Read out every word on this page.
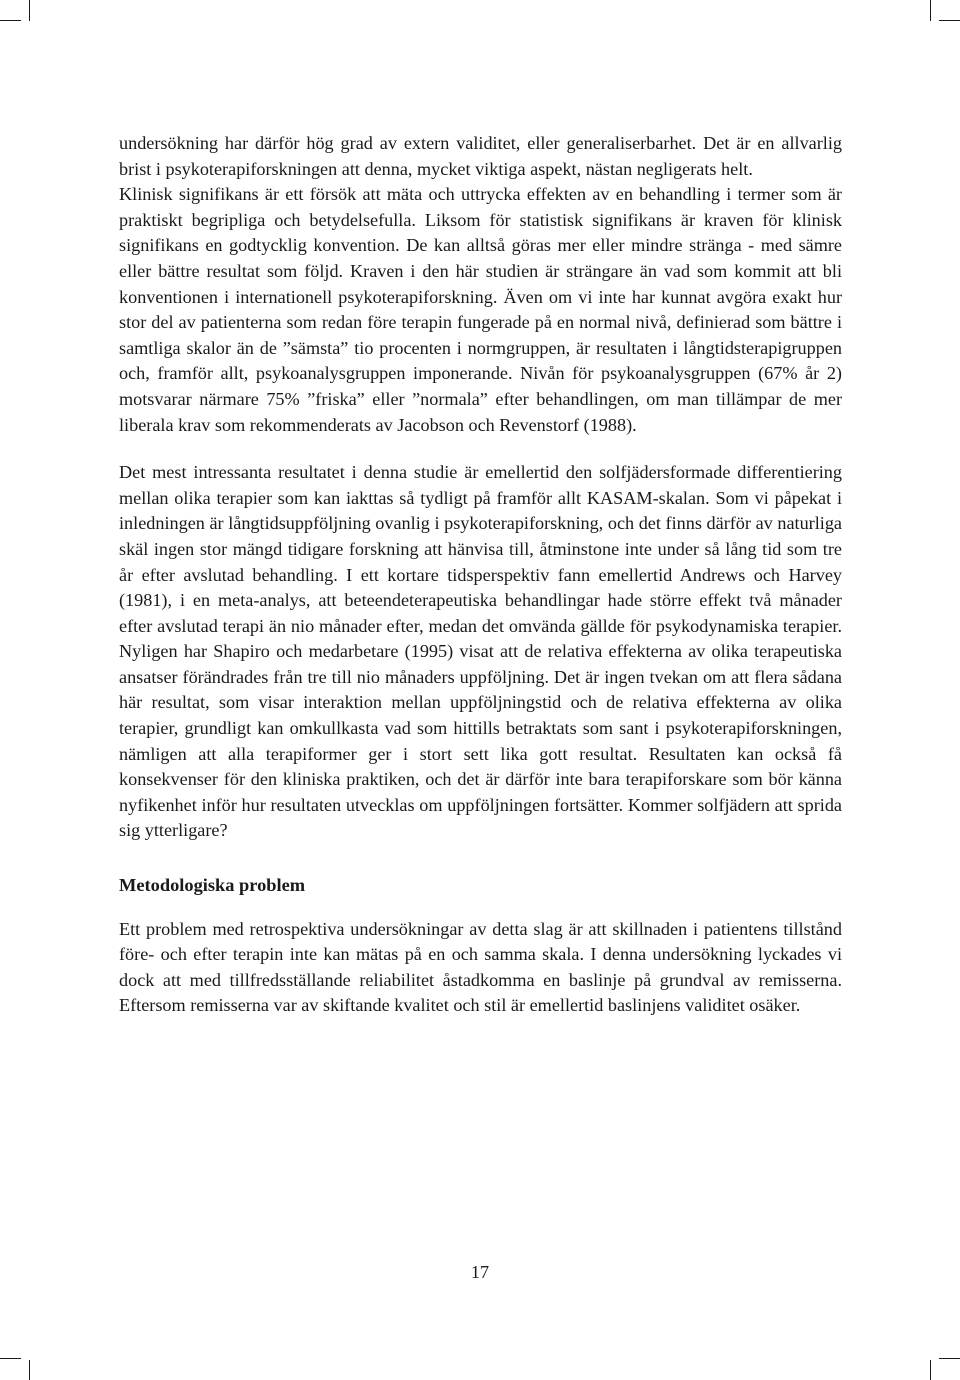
undersökning har därför hög grad av extern validitet, eller generaliserbarhet. Det är en allvarlig brist i psykoterapiforskningen att denna, mycket viktiga aspekt, nästan negligerats helt.

Klinisk signifikans är ett försök att mäta och uttrycka effekten av en behandling i termer som är praktiskt begripliga och betydelsefulla. Liksom för statistisk signifikans är kraven för klinisk signifikans en godtycklig konvention. De kan alltså göras mer eller mindre stränga - med sämre eller bättre resultat som följd. Kraven i den här studien är strängare än vad som kommit att bli konventionen i internationell psykoterapiforskning. Även om vi inte har kunnat avgöra exakt hur stor del av patienterna som redan före terapin fungerade på en normal nivå, definierad som bättre i samtliga skalor än de ”sämsta” tio procenten i normgruppen, är resultaten i långtidsterapigruppen och, framför allt, psykoanalysgruppen imponerande. Nivån för psykoanalysgruppen (67% år 2) motsvarar närmare 75% ”friska” eller ”normala” efter behandlingen, om man tillämpar de mer liberala krav som rekommenderats av Jacobson och Revenstorf (1988).

Det mest intressanta resultatet i denna studie är emellertid den solfjädersformade differentiering mellan olika terapier som kan iakttas så tydligt på framför allt KASAM-skalan. Som vi påpekat i inledningen är långtidsuppföljning ovanlig i psykoterapiforskning, och det finns därför av naturliga skäl ingen stor mängd tidigare forskning att hänvisa till, åtminstone inte under så lång tid som tre år efter avslutad behandling. I ett kortare tidsperspektiv fann emellertid Andrews och Harvey (1981), i en meta-analys, att beteendeterapeutiska behandlingar hade större effekt två månader efter avslutad terapi än nio månader efter, medan det omvända gällde för psykodynamiska terapier. Nyligen har Shapiro och medarbetare (1995) visat att de relativa effekterna av olika terapeutiska ansatser förändrades från tre till nio månaders uppföljning. Det är ingen tvekan om att flera sådana här resultat, som visar interaktion mellan uppföljningstid och de relativa effekterna av olika terapier, grundligt kan omkullkasta vad som hittills betraktats som sant i psykoterapiforskningen, nämligen att alla terapiformer ger i stort sett lika gott resultat. Resultaten kan också få konsekvenser för den kliniska praktiken, och det är därför inte bara terapiforskare som bör känna nyfikenhet inför hur resultaten utvecklas om uppföljningen fortsätter. Kommer solfjädern att sprida sig ytterligare?

Metodologiska problem

Ett problem med retrospektiva undersökningar av detta slag är att skillnaden i patientens tillstånd före- och efter terapin inte kan mätas på en och samma skala. I denna undersökning lyckades vi dock att med tillfredsställande reliabilitet åstadkomma en baslinje på grundval av remisserna. Eftersom remisserna var av skiftande kvalitet och stil är emellertid baslinjens validitet osäker.

17
